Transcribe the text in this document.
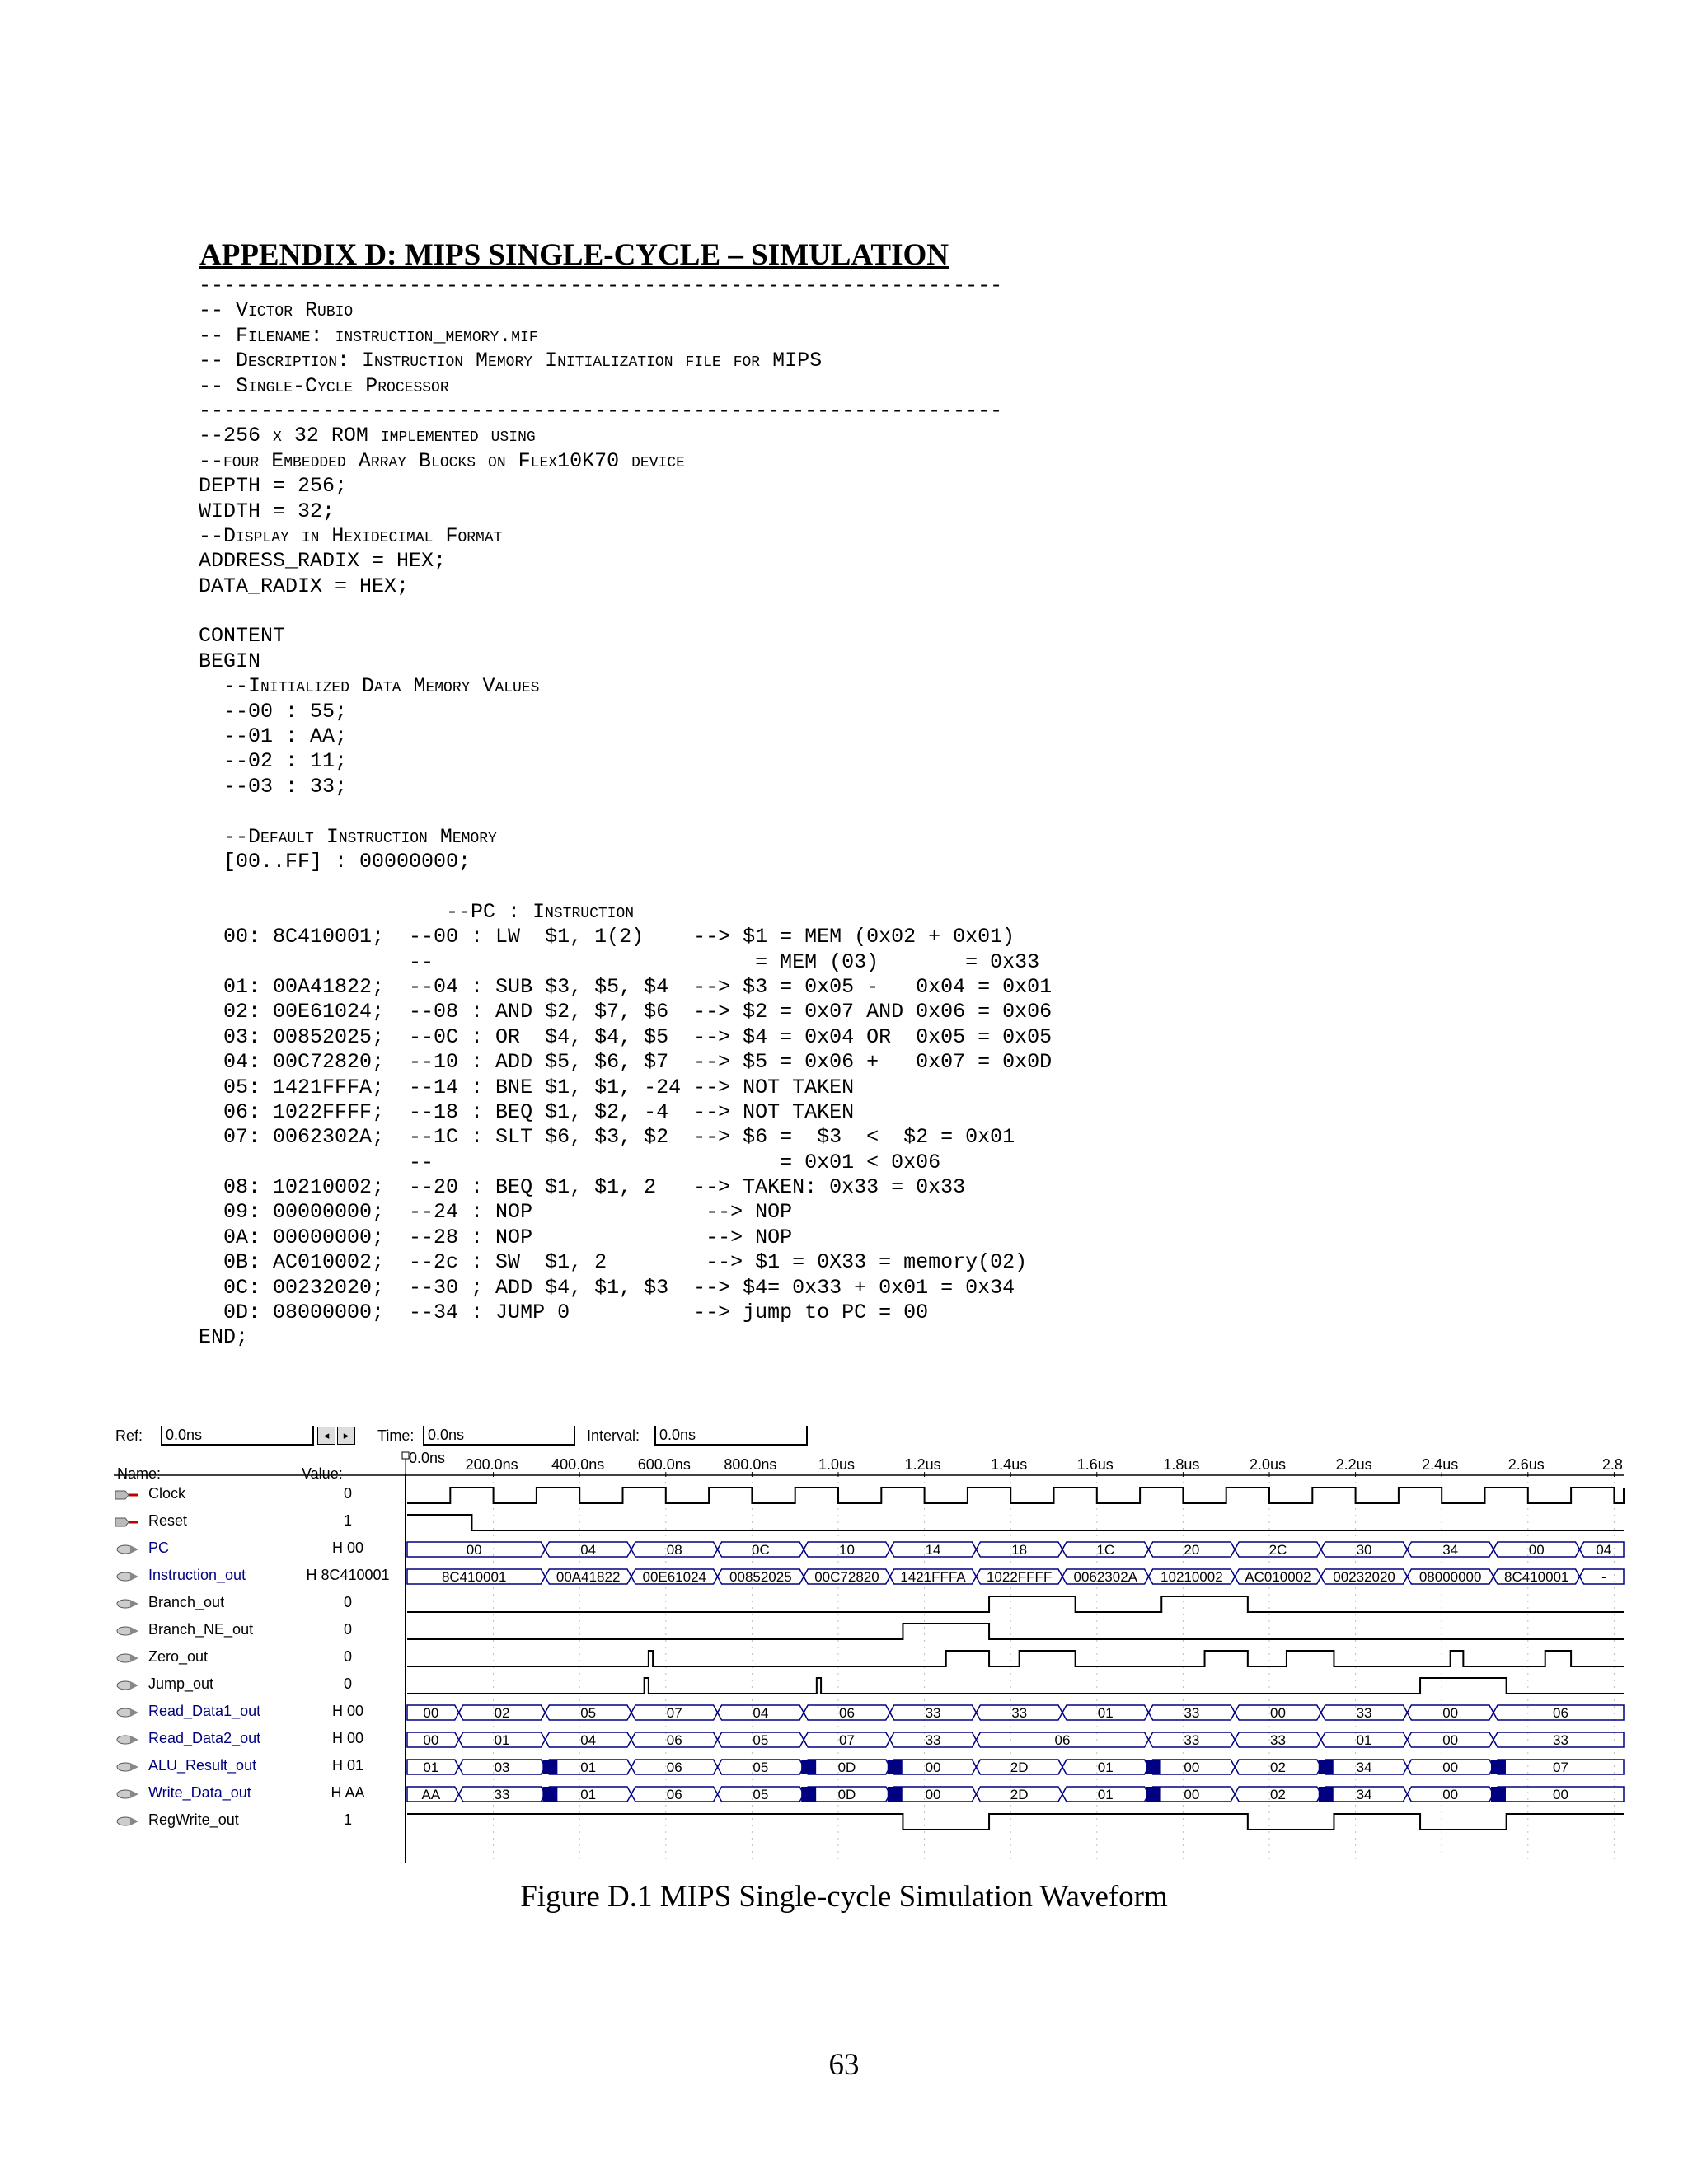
APPENDIX D: MIPS SINGLE-CYCLE – SIMULATION
-----------------------------------------------------------------
-- Victor Rubio
-- Filename: instruction_memory.mif
-- Description: Instruction Memory Initialization file for MIPS
-- Single-Cycle Processor
-----------------------------------------------------------------
--256 x 32 ROM implemented using
--four Embedded Array Blocks on Flex10K70 device
DEPTH = 256;
WIDTH = 32;
--Display in Hexidecimal Format
ADDRESS_RADIX = HEX;
DATA_RADIX = HEX;
CONTENT
BEGIN
--Initialized Data Memory Values
--00 : 55;
--01 : AA;
--02 : 11;
--03 : 33;
--Default Instruction Memory
[00..FF] : 00000000;
--PC : Instruction
00: 8C410001;  --00 : LW  $1, 1(2)    --> $1 = MEM (0x02 + 0x01)
--                          = MEM (03)       = 0x33
01: 00A41822;  --04 : SUB $3, $5, $4  --> $3 = 0x05 -   0x04 = 0x01
02: 00E61024;  --08 : AND $2, $7, $6  --> $2 = 0x07 AND 0x06 = 0x06
03: 00852025;  --0C : OR  $4, $4, $5  --> $4 = 0x04 OR  0x05 = 0x05
04: 00C72820;  --10 : ADD $5, $6, $7  --> $5 = 0x06 +   0x07 = 0x0D
05: 1421FFFA;  --14 : BNE $1, $1, -24 --> NOT TAKEN
06: 1022FFFF;  --18 : BEQ $1, $2, -4  --> NOT TAKEN
07: 0062302A;  --1C : SLT $6, $3, $2  --> $6 =  $3  <  $2 = 0x01
--                            = 0x01 < 0x06
08: 10210002;  --20 : BEQ $1, $1, 2   --> TAKEN: 0x33 = 0x33
09: 00000000;  --24 : NOP              --> NOP
0A: 00000000;  --28 : NOP              --> NOP
0B: AC010002;  --2c : SW  $1, 2        --> $1 = 0X33 = memory(02)
0C: 00232020;  --30 ; ADD $4, $1, $3  --> $4= 0x33 + 0x01 = 0x34
0D: 08000000;  --34 : JUMP 0          --> jump to PC = 00
END;
Ref:	0.0ns	◂	▸	Time: 0.0ns	Interval:	0.0ns
Name:	Value:
Clock	0
Reset	1
PC	H 00
Instruction_out	H 8C410001
Branch_out	0
Branch_NE_out	0
Zero_out	0
Jump_out	0
Read_Data1_out	H 00
Read_Data2_out	H 00
ALU_Result_out	H 01
Write_Data_out	H AA
RegWrite_out	1
0.0ns 200.0ns 400.0ns 600.0ns 800.0ns	1.0us	1.2us	1.4us	1.6us	1.8us	2.0us	2.2us	2.4us	2.6us	2.8
00	04	08	0C	10	14	18	1C	20	2C	30	34	00	04
8C410001	00A41822 00E61024 00852025 00C72820 1421FFFA 1022FFFF 0062302A 10210002 AC010002 00232020 08000000 8C410001 -
00	02	05	07	04	06	33	33	01	33	00	33	00	06
00	01	04	06	05	07	33	06	33	33	01	00	33
01	03	01	06	05	0D	00	2D	01	00	02	34	00	07
AA	33	01	06	05	0D	00	2D	01	00	02	34	00	00
Figure D.1 MIPS Single-cycle Simulation Waveform
63
